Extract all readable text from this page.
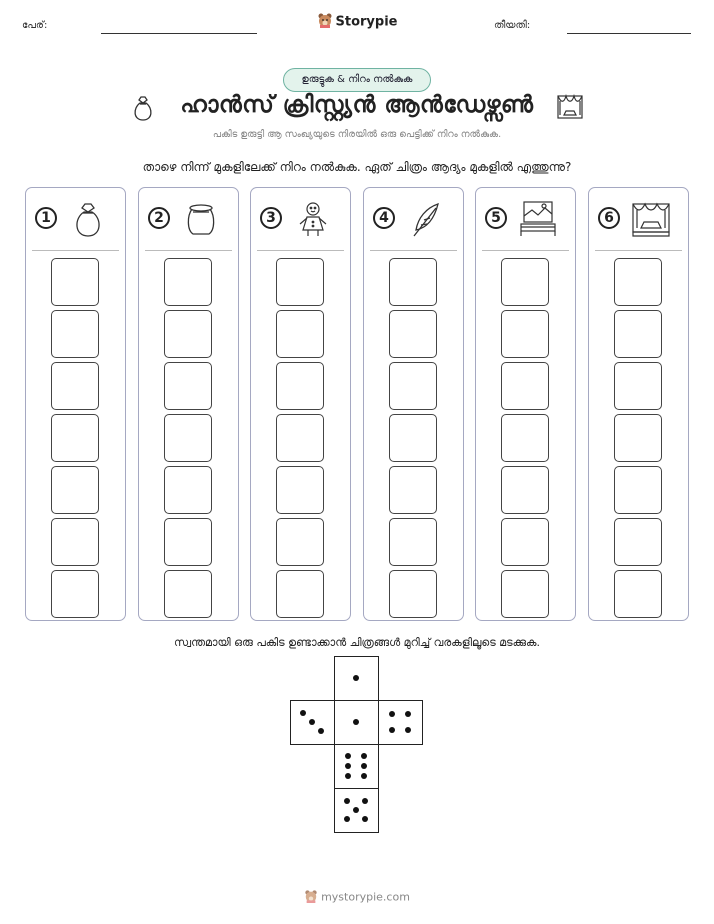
പേര്:	Storypie	തീയതി:
ഉരുട്ടുക & നിറം നൽകുക
ഹാൻസ് ക്രിസ്റ്റ്യൻ ആൻഡേഴ്സൺ
പകിട ഉരുട്ടി ആ സംഖ്യയുടെ നിരയിൽ ഒരു പെട്ടിക്ക് നിറം നൽകുക.
താഴെ നിന്ന് മുകളിലേക്ക് നിറം നൽകുക. ഏത് ചിത്രം ആദ്യം മുകളിൽ എത്തുന്നു?
1	2	3	4	5	6
സ്വന്തമായി ഒരു പകിട ഉണ്ടാക്കാൻ ചിത്രങ്ങൾ മുറിച്ച് വരകളിലൂടെ മടക്കുക.
mystorypie.com
